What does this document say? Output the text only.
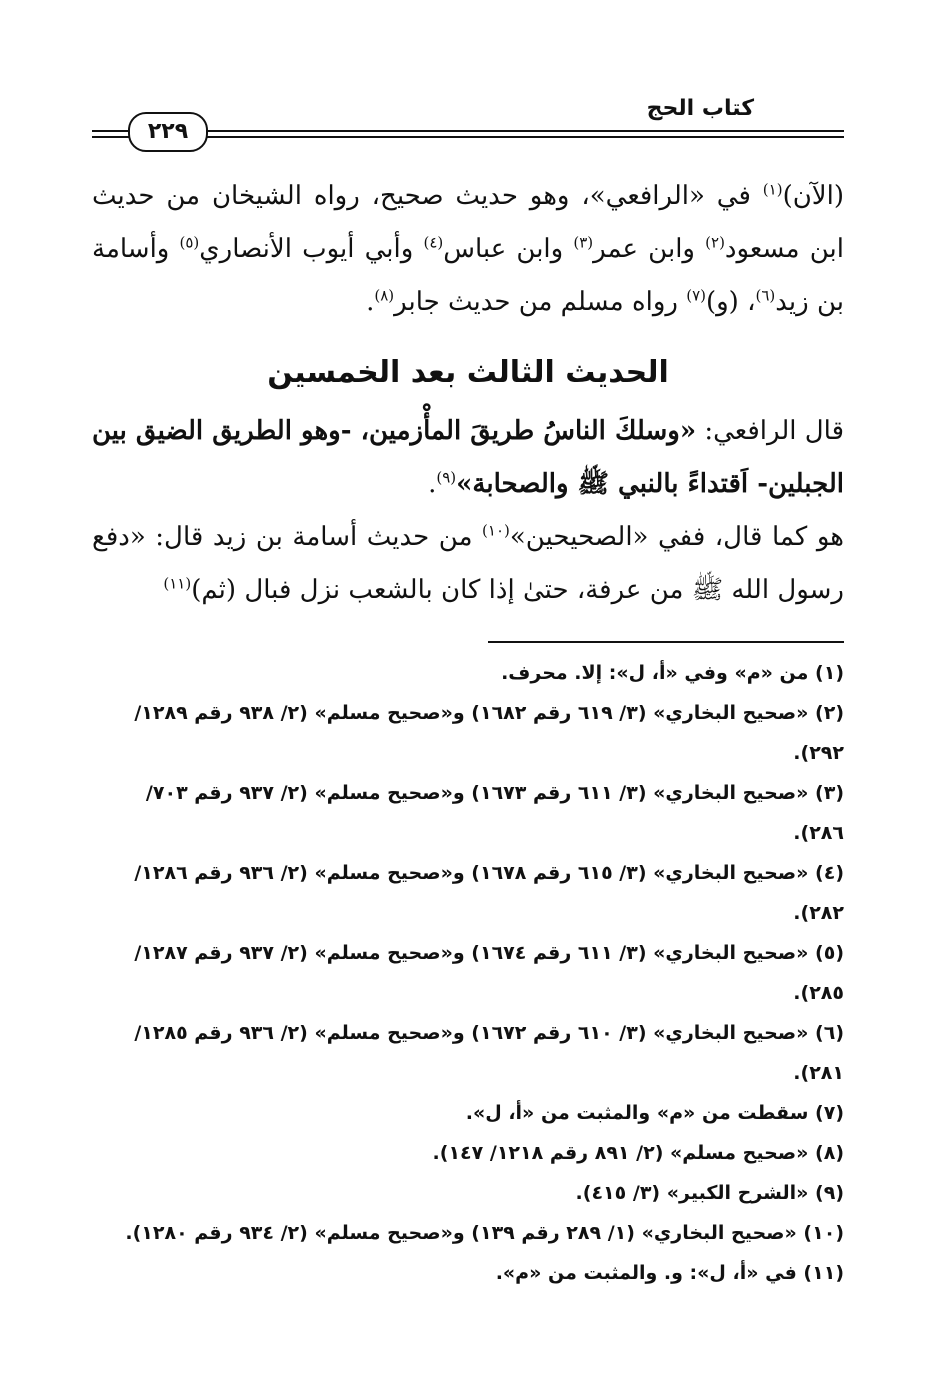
كتاب الحج
٢٢٩

(الآن)$^{(١)}$ في «الرافعي»، وهو حديث صحيح، رواه الشيخان من حديث ابن مسعود$^{(٢)}$ وابن عمر$^{(٣)}$ وابن عباس$^{(٤)}$ وأبي أيوب الأنصاري$^{(٥)}$ وأسامة بن زيد$^{(٦)}$، (و)$^{(٧)}$ رواه مسلم من حديث جابر$^{(٨)}$.

الحديث الثالث بعد الخمسين

قال الرافعي: «وسلكَ الناسُ طريقَ المأْزمين، -وهو الطريق الضيق بين الجبلين- اَقتداءً بالنبي ﷺ والصحابة»$^{(٩)}$.

هو كما قال، ففي «الصحيحين»$^{(١٠)}$ من حديث أسامة بن زيد قال: «دفع رسول الله ﷺ من عرفة، حتىٰ إذا كان بالشعب نزل فبال (ثم)$^{(١١)}$

(١) من «م» وفي «أ، ل»: إلا. محرف.

(٢) «صحيح البخاري» (٣/ ٦١٩ رقم ١٦٨٢) و«صحيح مسلم» (٢/ ٩٣٨ رقم ١٢٨٩/ ٢٩٢).

(٣) «صحيح البخاري» (٣/ ٦١١ رقم ١٦٧٣) و«صحيح مسلم» (٢/ ٩٣٧ رقم ٧٠٣/ ٢٨٦).

(٤) «صحيح البخاري» (٣/ ٦١٥ رقم ١٦٧٨) و«صحيح مسلم» (٢/ ٩٣٦ رقم ١٢٨٦/ ٢٨٢).

(٥) «صحيح البخاري» (٣/ ٦١١ رقم ١٦٧٤) و«صحيح مسلم» (٢/ ٩٣٧ رقم ١٢٨٧/ ٢٨٥).

(٦) «صحيح البخاري» (٣/ ٦١٠ رقم ١٦٧٢) و«صحيح مسلم» (٢/ ٩٣٦ رقم ١٢٨٥/ ٢٨١).

(٧) سقطت من «م» والمثبت من «أ، ل».

(٨) «صحيح مسلم» (٢/ ٨٩١ رقم ١٢١٨/ ١٤٧).

(٩) «الشرح الكبير» (٣/ ٤١٥).

(١٠) «صحيح البخاري» (١/ ٢٨٩ رقم ١٣٩) و«صحيح مسلم» (٢/ ٩٣٤ رقم ١٢٨٠).

(١١) في «أ، ل»: و. والمثبت من «م».
